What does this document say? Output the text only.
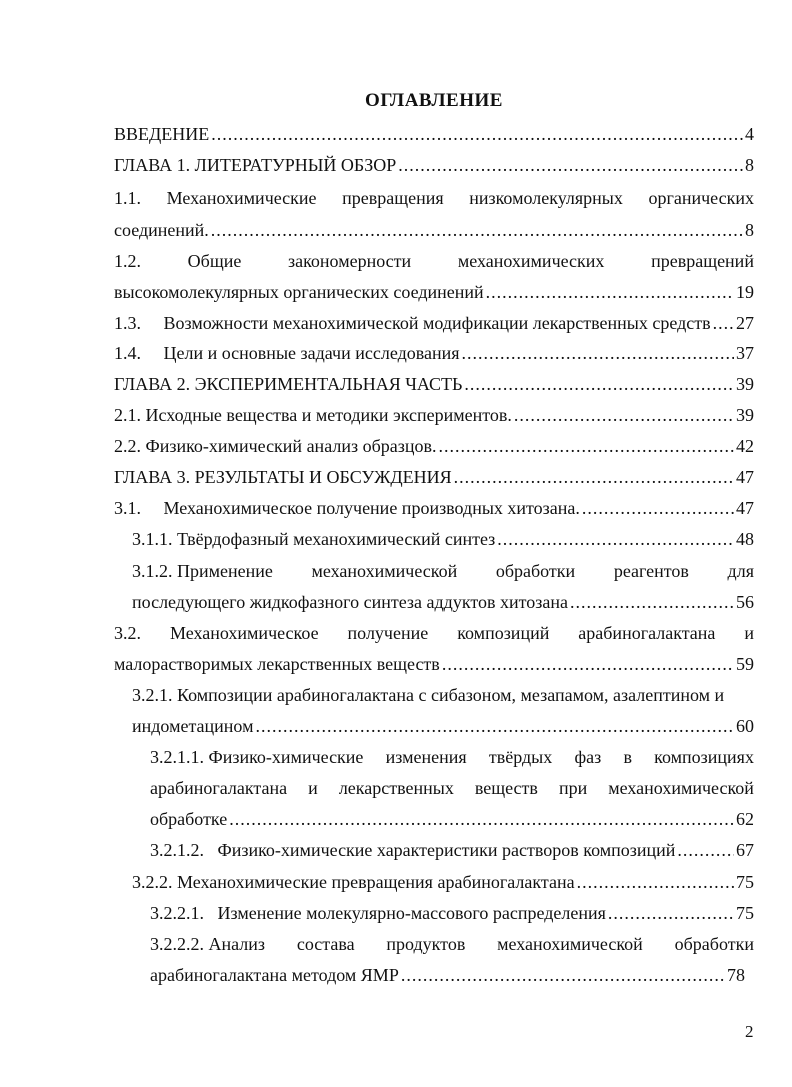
ОГЛАВЛЕНИЕ
ВВЕДЕНИЕ .....	4
ГЛАВА 1. ЛИТЕРАТУРНЫЙ ОБЗОР .....	8
1.1. Механохимические превращения низкомолекулярных органических
соединений. .....	8
1.2.	Общие	закономерности	механохимических	превращений
высокомолекулярных органических соединений .....	19
1.3.  Возможности механохимической модификации лекарственных средств ..... 27
1.4.  Цели и основные задачи исследования .....	37
ГЛАВА 2. ЭКСПЕРИМЕНТАЛЬНАЯ ЧАСТЬ .....	39
2.1. Исходные вещества и методики экспериментов. .....	39
2.2. Физико-химический анализ образцов. .....	42
ГЛАВА 3. РЕЗУЛЬТАТЫ И ОБСУЖДЕНИЯ .....	47
3.1.  Механохимическое получение производных хитозана. .....	47
3.1.1. Твёрдофазный механохимический синтез .....	48
3.1.2. Применение механохимической обработки реагентов для
последующего жидкофазного синтеза аддуктов хитозана .....	56
3.2. Механохимическое получение композиций арабиногалактана и
малорастворимых лекарственных веществ .....	59
3.2.1. Композиции арабиногалактана с сибазоном, мезапамом, азалептином и
индометацином .....	60
3.2.1.1. Физико-химические изменения твёрдых фаз в композициях
арабиногалактана и лекарственных веществ при механохимической
обработке .....	62
3.2.1.2.  Физико-химические характеристики растворов композиций .....	67
3.2.2. Механохимические превращения арабиногалактана .....	75
3.2.2.1.  Изменение молекулярно-массового распределения .....	75
3.2.2.2. Анализ состава продуктов механохимической обработки
арабиногалактана методом ЯМР .....	78
2
